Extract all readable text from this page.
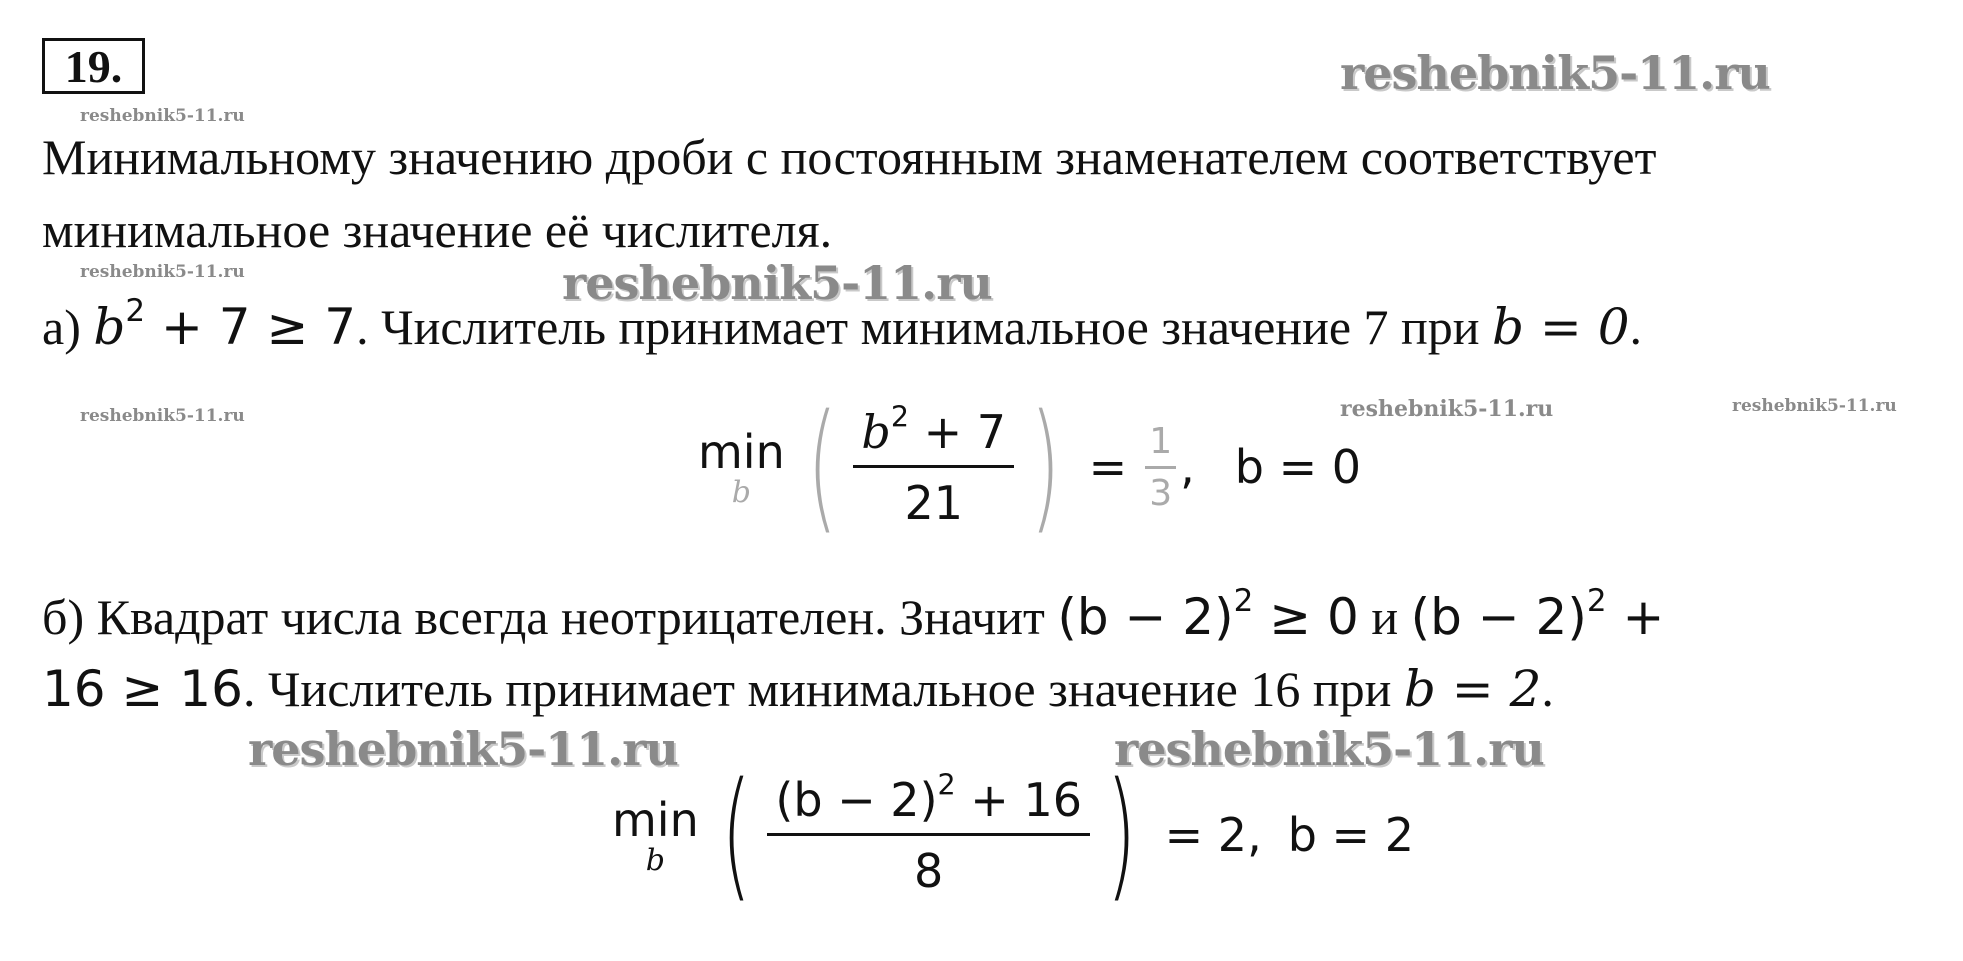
19.	reshebnik5-11.ru
reshebnik5-11.ru
reshebnik5-11.ru	reshebnik5-11.ru
reshebnik5-11.ru	reshebnik5-11.ru	reshebnik5-11.ru
reshebnik5-11.ru	reshebnik5-11.ru
Минимальному значению дроби с постоянным знаменателем соответствует
минимальное значение её числителя.
а) $b^2 + 7 \ge 7$. Числитель принимает минимальное значение 7 при b = 0.
min
b ( $\frac{b^2 + 7}{21}$ ) = $\frac{1}{3}$ , b = 0
б) Квадрат числа всегда неотрицателен. Значит $(b - 2)^2 \ge 0$ и $(b - 2)^2$ +
16 ≥ 16. Числитель принимает минимальное значение 16 при b = 2.
min
b ( $\frac{(b - 2)^2 + 16}{8}$ ) = 2, b = 2
